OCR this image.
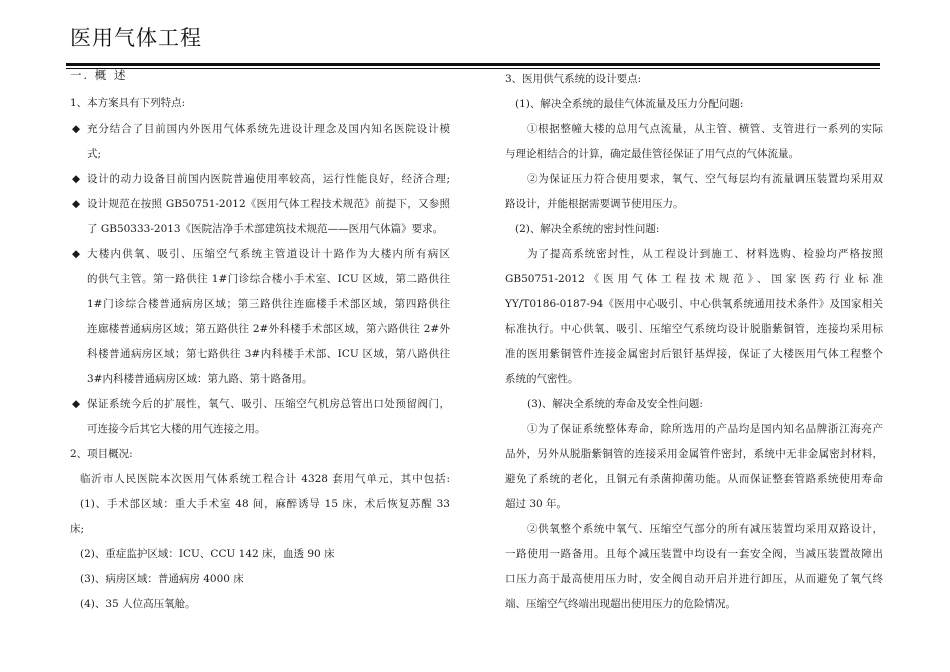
医用气体工程
一. 概 述
1、本方案具有下列特点:
◆ 充分结合了目前国内外医用气体系统先进设计理念及国内知名医院设计模
式;
◆ 设计的动力设备目前国内医院普遍使用率较高，运行性能良好，经济合理;
◆ 设计规范在按照 GB50751-2012《医用气体工程技术规范》前提下，又参照
了 GB50333-2013《医院洁净手术部建筑技术规范——医用气体篇》要求。
◆ 大楼内供氧、吸引、压缩空气系统主管道设计十路作为大楼内所有病区
的供气主管。第一路供往 1#门诊综合楼小手术室、ICU 区域，第二路供往
1#门诊综合楼普通病房区域；第三路供往连廊楼手术部区域，第四路供往
连廊楼普通病房区域；第五路供往 2#外科楼手术部区域，第六路供往 2#外
科楼普通病房区域；第七路供往 3#内科楼手术部、ICU 区域，第八路供往
3#内科楼普通病房区域：第九路、第十路备用。
◆ 保证系统今后的扩展性，氧气、吸引、压缩空气机房总管出口处预留阀门，
可连接今后其它大楼的用气连接之用。
2、项目概况:
临沂市人民医院本次医用气体系统工程合计 4328 套用气单元，其中包括:
(1)、手术部区域：重大手术室 48 间，麻醉诱导 15 床，术后恢复苏醒 33
床;
(2)、重症监护区域：ICU、CCU 142 床，血透 90 床
(3)、病房区域：普通病房 4000 床
(4)、35 人位高压氧舱。
3、医用供气系统的设计要点:
(1)、解决全系统的最佳气体流量及压力分配问题:
①根据整幢大楼的总用气点流量，从主管、横管、支管进行一系列的实际
与理论相结合的计算，确定最佳管径保证了用气点的气体流量。
②为保证压力符合使用要求，氧气、空气每层均有流量调压装置均采用双
路设计，并能根据需要调节使用压力。
(2)、解决全系统的密封性问题:
为了提高系统密封性，从工程设计到施工、材料选购、检验均严格按照
GB50751-2012《医用气体工程技术规范》、国家医药行业标准
YY/T0186-0187-94《医用中心吸引、中心供氧系统通用技术条件》及国家相关
标准执行。中心供氧、吸引、压缩空气系统均设计脱脂紫铜管，连接均采用标
准的医用紫铜管件连接金属密封后银钎基焊接，保证了大楼医用气体工程整个
系统的气密性。
(3)、解决全系统的寿命及安全性问题:
①为了保证系统整体寿命，除所选用的产品均是国内知名品牌浙江海亮产
品外，另外从脱脂紫铜管的连接采用金属管件密封，系统中无非金属密封材料，
避免了系统的老化，且铜元有杀菌抑菌功能。从而保证整套管路系统使用寿命
超过 30 年。
②供氧整个系统中氧气、压缩空气部分的所有减压装置均采用双路设计，
一路使用一路备用。且每个减压装置中均设有一套安全阀，当减压装置故障出
口压力高于最高使用压力时，安全阀自动开启并进行卸压，从而避免了氧气终
端、压缩空气终端出现超出使用压力的危险情况。
